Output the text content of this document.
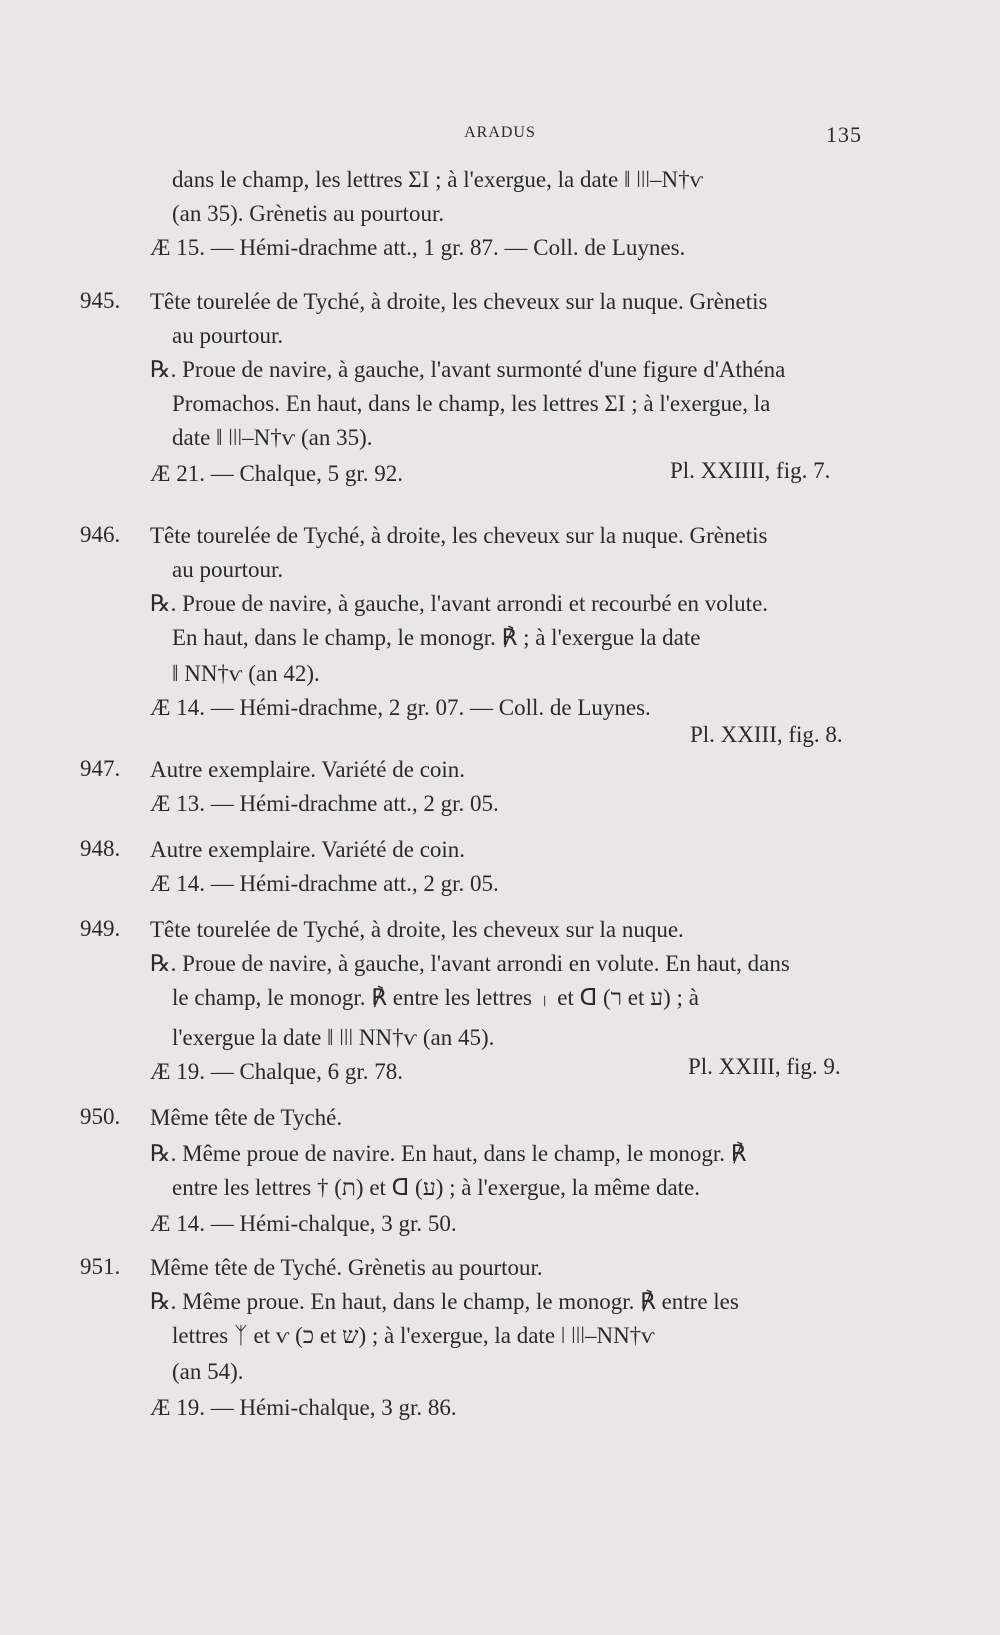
ARADUS	135
dans le champ, les lettres ΣΙ ; à l'exergue, la date ‖ ǀǀǀ–Ν†ѵ
(an 35). Grènetis au pourtour.
Æ 15. — Hémi-drachme att., 1 gr. 87. — Coll. de Luynes.
945. Tête tourelée de Tyché, à droite, les cheveux sur la nuque. Grènetis
au pourtour.
℞. Proue de navire, à gauche, l'avant surmonté d'une figure d'Athéna
Promachos. En haut, dans le champ, les lettres ΣΙ ; à l'exergue, la
date ‖ ǀǀǀ–Ν†ѵ (an 35).
Æ 21. — Chalque, 5 gr. 92.	Pl. XXIIII, fig. 7.
946. Tête tourelée de Tyché, à droite, les cheveux sur la nuque. Grènetis
au pourtour.
℞. Proue de navire, à gauche, l'avant arrondi et recourbé en volute.
En haut, dans le champ, le monogr. ℟ ; à l'exergue la date
‖ ΝΝ†ѵ (an 42).
Æ 14. — Hémi-drachme, 2 gr. 07. — Coll. de Luynes.
Pl. XXIII, fig. 8.
947. Autre exemplaire. Variété de coin.
Æ 13. — Hémi-drachme att., 2 gr. 05.
948. Autre exemplaire. Variété de coin.
Æ 14. — Hémi-drachme att., 2 gr. 05.
949. Tête tourelée de Tyché, à droite, les cheveux sur la nuque.
℞. Proue de navire, à gauche, l'avant arrondi en volute. En haut, dans
le champ, le monogr. ℟ entre les lettres ᛧ et ᗡ (ר et ע) ; à
l'exergue la date ‖ ǀǀǀ ΝΝ†ѵ (an 45).
Æ 19. — Chalque, 6 gr. 78.	Pl. XXIII, fig. 9.
950. Même tête de Tyché.
℞. Même proue de navire. En haut, dans le champ, le monogr. ℟
entre les lettres † (ת) et ᗡ (ע) ; à l'exergue, la même date.
Æ 14. — Hémi-chalque, 3 gr. 50.
951. Même tête de Tyché. Grènetis au pourtour.
℞. Même proue. En haut, dans le champ, le monogr. ℟ entre les
lettres ᛉ et ѵ (כ et ש) ; à l'exergue, la date ǀ ǀǀǀ–ΝΝ†ѵ
(an 54).
Æ 19. — Hémi-chalque, 3 gr. 86.
